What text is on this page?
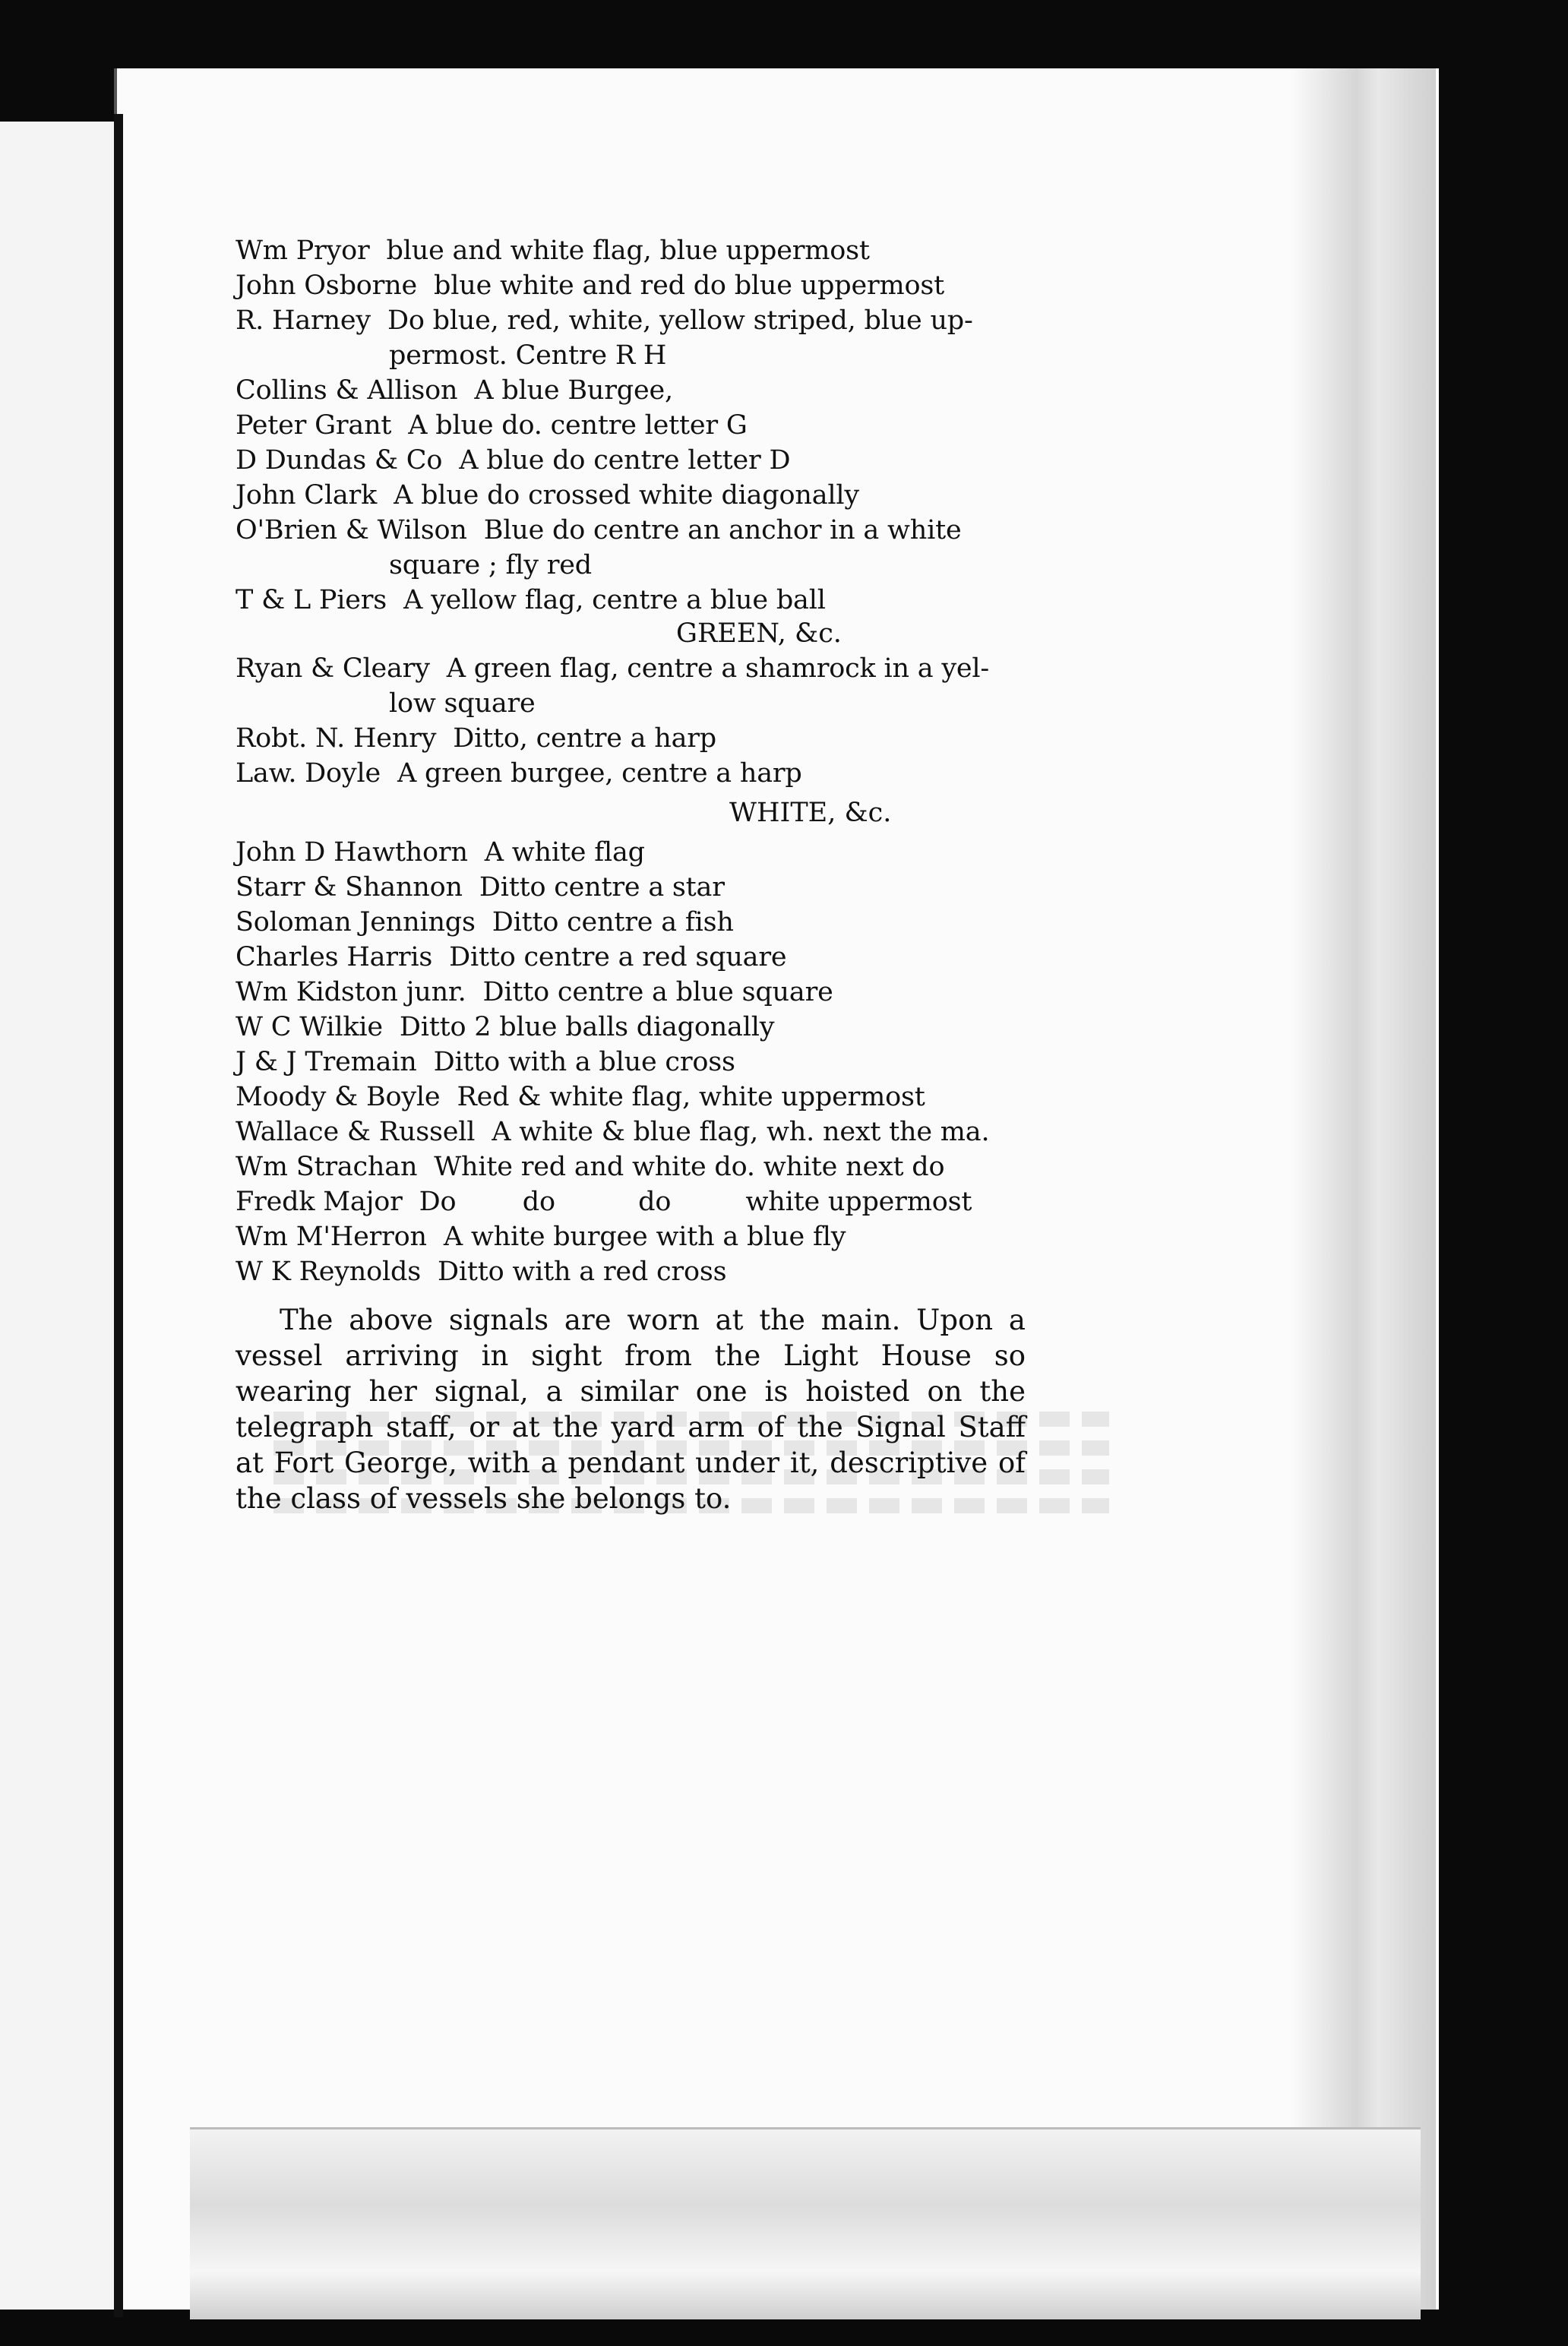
Wm Pryor blue and white flag, blue uppermost
John Osborne blue white and red do blue uppermost
R. Harney Do blue, red, white, yellow striped, blue up-
permost. Centre R H
Collins & Allison A blue Burgee,
Peter Grant A blue do. centre letter G
D Dundas & Co A blue do centre letter D
John Clark A blue do crossed white diagonally
O'Brien & Wilson Blue do centre an anchor in a white
square ; fly red
T & L Piers A yellow flag, centre a blue ball
GREEN, &c.
Ryan & Cleary A green flag, centre a shamrock in a yel-
low square
Robt. N. Henry Ditto, centre a harp
Law. Doyle A green burgee, centre a harp
WHITE, &c.
John D Hawthorn A white flag
Starr & Shannon Ditto centre a star
Soloman Jennings Ditto centre a fish
Charles Harris Ditto centre a red square
Wm Kidston junr. Ditto centre a blue square
W C Wilkie Ditto 2 blue balls diagonally
J & J Tremain Ditto with a blue cross
Moody & Boyle Red & white flag, white uppermost
Wallace & Russell A white & blue flag, wh. next the ma.
Wm Strachan White red and white do. white next do
Fredk Major Do        do          do         white uppermost
Wm M'Herron A white burgee with a blue fly
W K Reynolds Ditto with a red cross
The above signals are worn at the main. Upon a vessel arriving in sight from the Light House so wearing her signal, a similar one is hoisted on the telegraph staff, or at the yard arm of the Signal Staff at Fort George, with a pendant under it, descriptive of the class of vessels she belongs to.
